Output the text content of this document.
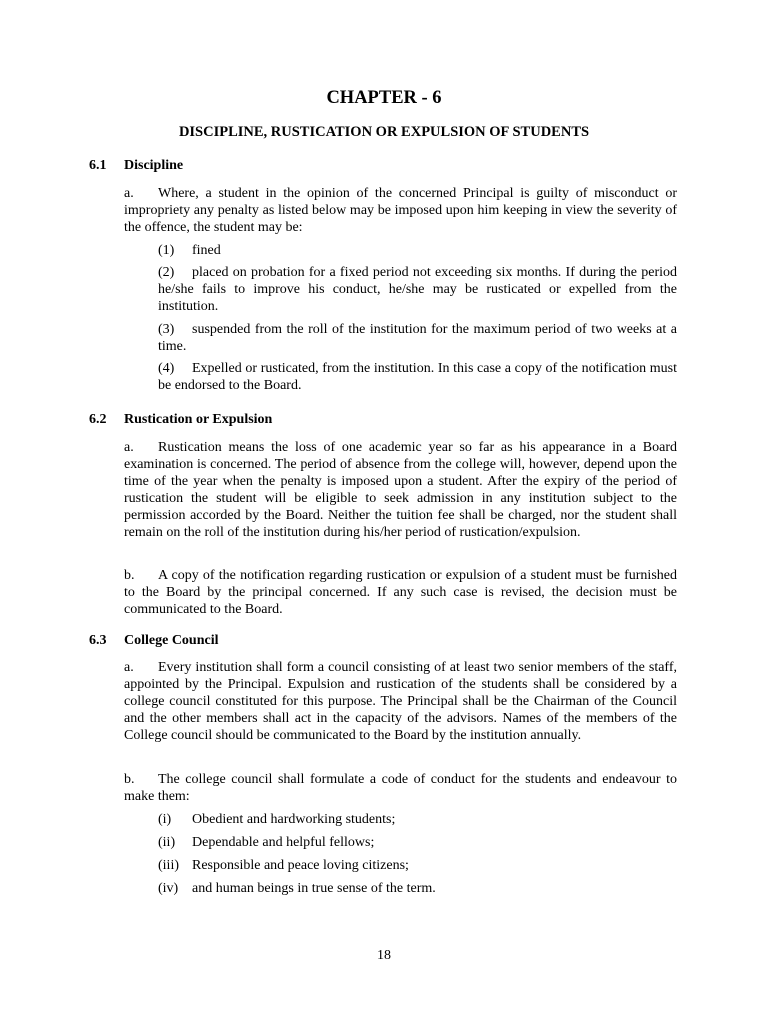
CHAPTER - 6
DISCIPLINE, RUSTICATION OR EXPULSION OF STUDENTS
6.1 Discipline
a. Where, a student in the opinion of the concerned Principal is guilty of misconduct or impropriety any penalty as listed below may be imposed upon him keeping in view the severity of the offence, the student may be:
(1) fined
(2) placed on probation for a fixed period not exceeding six months. If during the period he/she fails to improve his conduct, he/she may be rusticated or expelled from the institution.
(3) suspended from the roll of the institution for the maximum period of two weeks at a time.
(4) Expelled or rusticated, from the institution. In this case a copy of the notification must be endorsed to the Board.
6.2 Rustication or Expulsion
a. Rustication means the loss of one academic year so far as his appearance in a Board examination is concerned. The period of absence from the college will, however, depend upon the time of the year when the penalty is imposed upon a student. After the expiry of the period of rustication the student will be eligible to seek admission in any institution subject to the permission accorded by the Board. Neither the tuition fee shall be charged, nor the student shall remain on the roll of the institution during his/her period of rustication/expulsion.
b. A copy of the notification regarding rustication or expulsion of a student must be furnished to the Board by the principal concerned. If any such case is revised, the decision must be communicated to the Board.
6.3 College Council
a. Every institution shall form a council consisting of at least two senior members of the staff, appointed by the Principal. Expulsion and rustication of the students shall be considered by a college council constituted for this purpose. The Principal shall be the Chairman of the Council and the other members shall act in the capacity of the advisors. Names of the members of the College council should be communicated to the Board by the institution annually.
b. The college council shall formulate a code of conduct for the students and endeavour to make them:
(i) Obedient and hardworking students;
(ii) Dependable and helpful fellows;
(iii) Responsible and peace loving citizens;
(iv) and human beings in true sense of the term.
18
